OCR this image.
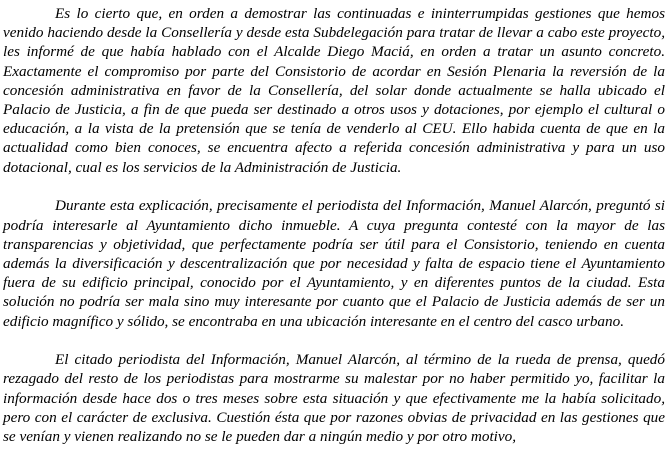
Es lo cierto que, en orden a demostrar las continuadas e ininterrumpidas gestiones que hemos venido haciendo desde la Consellería y desde esta Subdelegación para tratar de llevar a cabo este proyecto, les informé de que había hablado con el Alcalde Diego Maciá, en orden a tratar un asunto concreto. Exactamente el compromiso por parte del Consistorio de acordar en Sesión Plenaria la reversión de la concesión administrativa en favor de la Consellería, del solar donde actualmente se halla ubicado el Palacio de Justicia, a fin de que pueda ser destinado a otros usos y dotaciones, por ejemplo el cultural o educación, a la vista de la pretensión que se tenía de venderlo al CEU. Ello habida cuenta de que en la actualidad como bien conoces, se encuentra afecto a referida concesión administrativa y para un uso dotacional, cual es los servicios de la Administración de Justicia.

Durante esta explicación, precisamente el periodista del Información, Manuel Alarcón, preguntó si podría interesarle al Ayuntamiento dicho inmueble. A cuya pregunta contesté con la mayor de las transparencias y objetividad, que perfectamente podría ser útil para el Consistorio, teniendo en cuenta además la diversificación y descentralización que por necesidad y falta de espacio tiene el Ayuntamiento fuera de su edificio principal, conocido por el Ayuntamiento, y en diferentes puntos de la ciudad. Esta solución no podría ser mala sino muy interesante por cuanto que el Palacio de Justicia además de ser un edificio magnífico y sólido, se encontraba en una ubicación interesante en el centro del casco urbano.

El citado periodista del Información, Manuel Alarcón, al término de la rueda de prensa, quedó rezagado del resto de los periodistas para mostrarme su malestar por no haber permitido yo, facilitar la información desde hace dos o tres meses sobre esta situación y que efectivamente me la había solicitado, pero con el carácter de exclusiva. Cuestión ésta que por razones obvias de privacidad en las gestiones que se venían y vienen realizando no se le pueden dar a ningún medio y por otro motivo,
